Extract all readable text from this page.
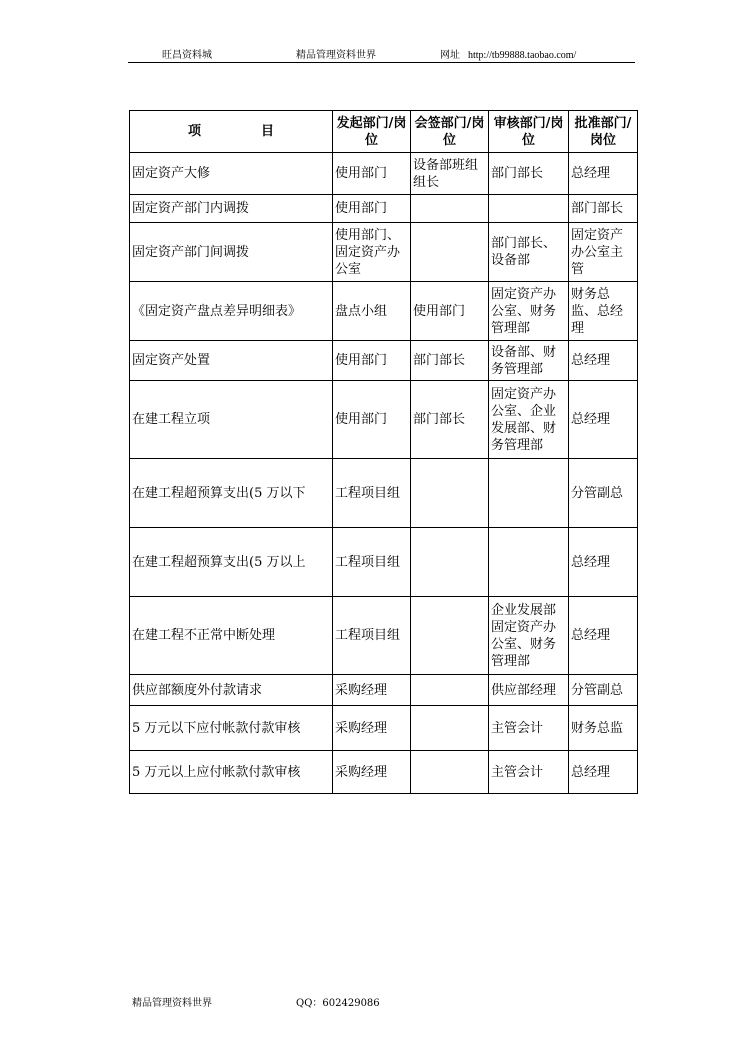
旺昌资料城	精品管理资料世界	网址 http://tb99888.taobao.com/
项 目	发起部门/岗位	会签部门/岗位	审核部门/岗位	批准部门/岗位
固定资产大修	使用部门	设备部班组组长	部门部长	总经理
固定资产部门内调拨	使用部门			部门部长
固定资产部门间调拨	使用部门、固定资产办公室		部门部长、设备部	固定资产办公室主管
《固定资产盘点差异明细表》	盘点小组	使用部门	固定资产办公室、财务管理部	财务总监、总经理
固定资产处置	使用部门	部门部长	设备部、财务管理部	总经理
在建工程立项	使用部门	部门部长	固定资产办公室、企业发展部、财务管理部	总经理
在建工程超预算支出(5 万以下	工程项目组			分管副总
在建工程超预算支出(5 万以上	工程项目组			总经理
在建工程不正常中断处理	工程项目组		企业发展部固定资产办公室、财务管理部	总经理
供应部额度外付款请求	采购经理		供应部经理	分管副总
5 万元以下应付帐款付款审核	采购经理		主管会计	财务总监
5 万元以上应付帐款付款审核	采购经理		主管会计	总经理
精品管理资料世界	QQ：602429086
